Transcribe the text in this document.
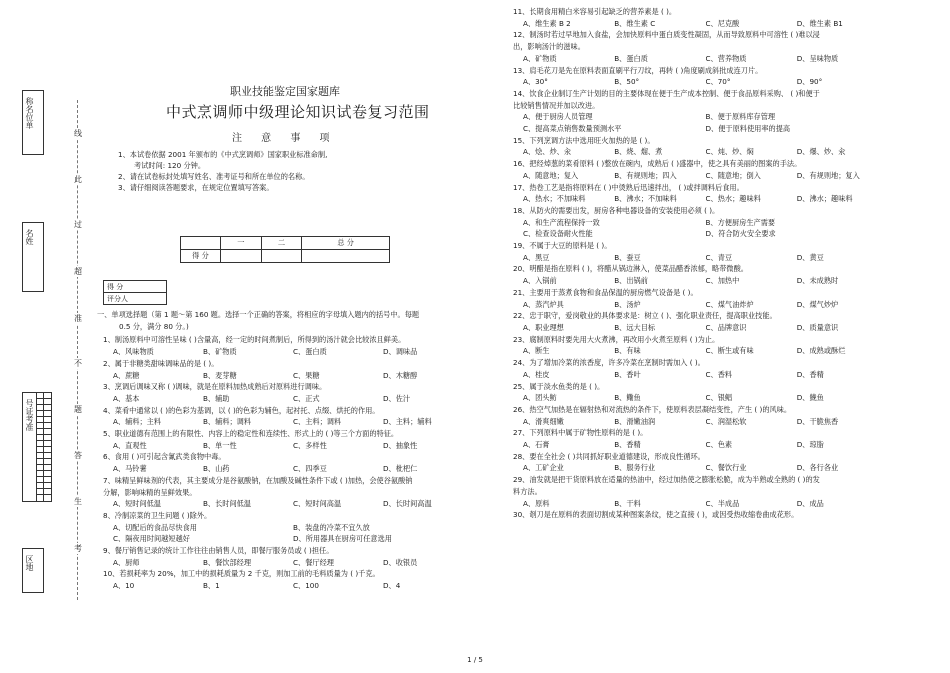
称名位单
名姓
号证考准
区地
线
此
过
超
准
不
题
答
生
考
职业技能鉴定国家题库
中式烹调师中级理论知识试卷复习范围
注 意 事 项
1、本试卷依据 2001 年颁布的《中式烹调师》国家职业标准命制,
考试时间: 120 分钟。
2、请在试卷标封处填写姓名、准考证号和所在单位的名称。
3、请仔细阅读答题要求，在规定位置填写答案。
	一	二	总 分
得 分			
得 分
评分人
一、单项选择题（第 1 题～第 160 题。选择一个正确的答案，将相应的字母填入题内的括号中。每题
0.5 分，满分 80 分。)
1、制汤原料中可溶性呈味 ( )含量高，经一定的时间煮制后，所得到的汤汁就会比较浓且鲜美。
A、风味物质	B、矿物质	C、蛋白质	D、调味品
2、属于非糖类甜味调味品的是 ( )。
A、蔗糖	B、麦芽糖	C、果糖	D、木糖醇
3、烹调后调味又称 ( )调味，就是在原料加热成熟后对原料进行调味。
A、基本	B、辅助	C、正式	D、佐汁
4、菜肴中通常以 ( )的色彩为基调，以 ( )的色彩为辅色，起衬托、点缀、烘托的作用。
A、辅料；主料	B、辅料；调料	C、主料；调料	D、主料；辅料
5、职业道德有范围上的有限性、内容上的稳定性和连续性、形式上的 ( )等三个方面的特征。
A、直观性	B、单一性	C、多样性	D、抽象性
6、食用 ( )可引起含氰武类食物中毒。
A、马铃薯	B、山药	C、四季豆	D、枇杷仁
7、味精呈鲜味剂的代表，其主要成分是谷氨酸钠，在加酸及碱性条件下或 ( )加热，会使谷氨酸钠
分解，影响味精的呈鲜效果。
A、短时间低温	B、长时间低温	C、短时间高温	D、长时间高温
8、冷制凉菜的卫生问题 ( )除外。
A、切配后的食品尽快食用	B、装盘的冷菜不宜久放
C、隔夜用时间越短越好	D、所用器具在厨房可任意选用
9、餐厅销售记录的统计工作往往由销售人员，即餐厅服务员或 ( )担任。
A、厨师	B、餐饮部经理	C、餐厅经理	D、收银员
10、若损耗率为 20%，加工中的损耗质量为 2 千克，则加工前的毛料质量为 ( )千克。
A、10	B、1	C、100	D、4
11、长期食用精白米容易引起缺乏的营养素是 ( )。
A、维生素 B 2	B、维生素 C	C、尼克酸	D、维生素 B1
12、制汤时若过早地加入食盐，会加快原料中蛋白质变性凝固，从而导致原料中可溶性 ( )难以浸
出，影响汤汁的滋味。
A、矿物质	B、蛋白质	C、营养物质	D、呈味物质
13、肩毛花刀是先在原料表面直刷平行刀纹，再转 ( )角度刷成斜批成连刀片。
A、30°	B、50°	C、70°	D、90°
14、饮食企业制订生产计划的目的主要体现在便于生产成本控制、便于食品原料采购、 ( )和便于
比较销售情况并加以改进。
A、便于厨房人员管理	B、便于原料库存管理
C、提高菜点销售数量预测水平	D、便于原料使用率的提高
15、下列烹调方法中选用旺火加热的是 ( )。
A、烩、炒、汆	B、烧、熘、煮	C、炖、炒、焖	D、爆、炒、汆
16、把经焯葱的菜肴原料 ( )整放在碗内，成熟后 ( )盛器中，使之具有美丽的图案的手法。
A、随意地；复入	B、有规则地；四入	C、随意地；倒入	D、有规则地；复入
17、热卷工艺是指将原料在 ( )中烫熟后迅速拌出， ( )或拌调料后食用。
A、热水；不加味料	B、沸水；不加味料	C、热水；趣味料	D、沸水；趣味料
18、从防火的需要出发，厨房各种电器设备的安装使用必须 ( )。
A、和生产流程保持一致	B、方便厨房生产需要
C、检查设备耐火性能	D、符合防火安全要求
19、不属于大豆的原料是 ( )。
A、黑豆	B、蚕豆	C、青豆	D、黄豆
20、明醋是指在原料 ( )，将醋从锅边淋入，使菜品醋香浓郁，略带微酸。
A、入锅前	B、出锅前	C、加热中	D、未成熟时
21、主要用于蒸煮食物和食品保温的厨房燃气设备是 ( )。
A、蒸汽炉具	B、汤炉	C、煤气油炸炉	D、煤气炒炉
22、忠于职守，爱岗敬业的具体要求是：树立 ( )、强化职业责任，提高职业技能。
A、职业理想	B、远大目标	C、品牌意识	D、质量意识
23、腐制原料时要先用大火煮沸，再改用小火煮至原料 ( )为止。
A、断生	B、有味	C、断生或有味	D、成熟或酥烂
24、为了增加冷菜的浓香度，许多冷菜在烹制时需加入 ( )。
A、桂皮	B、香叶	C、香料	D、香精
25、属于淡水鱼类的是 ( )。
A、团头鲂	B、鳓鱼	C、银鲳	D、鮸鱼
26、热空气加热是在辐射热和对流热的条件下，使原料表层凝结变性，产生 ( )的风味。
A、滑爽细嫩	B、滑嫩油润	C、润湿松软	D、干脆焦香
27、下列原料中属于矿物性原料的是 ( )。
A、石膏	B、香精	C、色素	D、琼脂
28、要在全社会 ( )共同抓好职业道德建设，形成良性循环。
A、工矿企业	B、服务行业	C、餐饮行业	D、各行各业
29、油发就是把干货原料放在适量的热油中，经过加热使之膨胀松脆，成为半熟或全熟的 ( )的发
料方法。
A、原料	B、干料	C、半成品	D、成品
30、剞刀是在原料的表面切割成某种图案条纹，使之直接 ( )，或因受热收缩卷曲成花形。
1 / 5
